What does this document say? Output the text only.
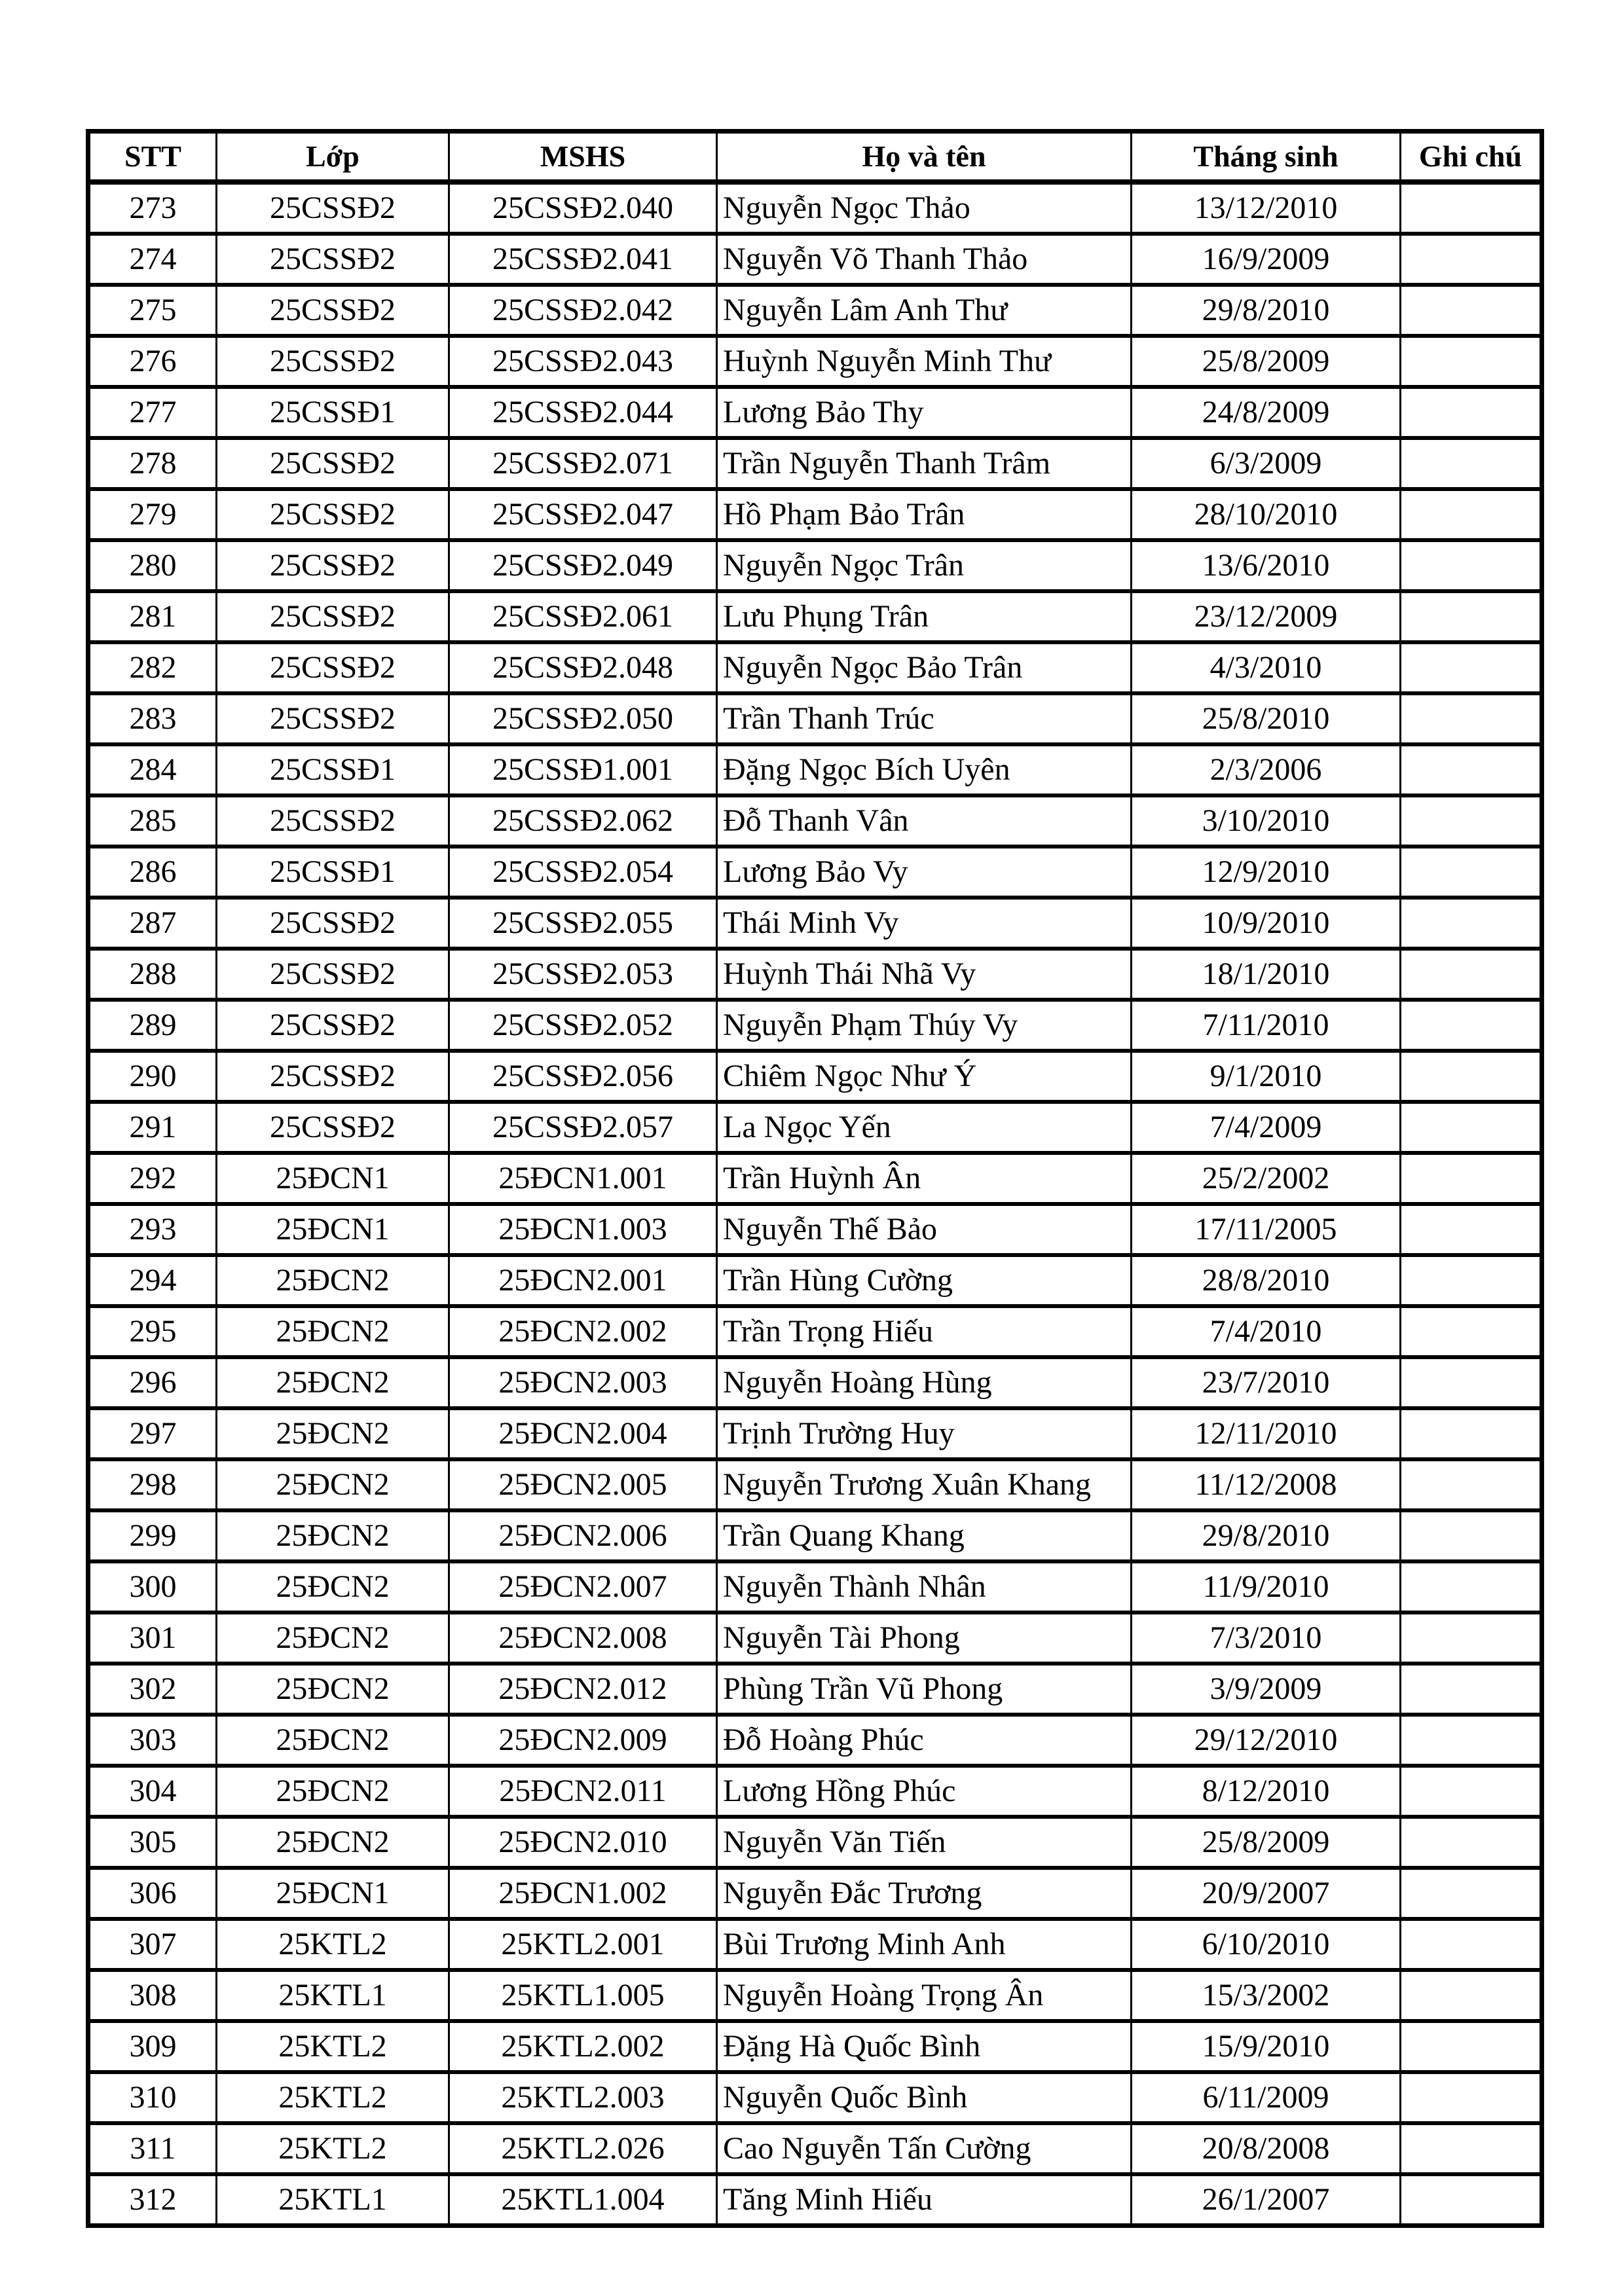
STT	Lớp	MSHS	Họ và tên	Tháng sinh	Ghi chú
273	25CSSĐ2	25CSSĐ2.040	Nguyễn Ngọc Thảo	13/12/2010	
274	25CSSĐ2	25CSSĐ2.041	Nguyễn Võ Thanh Thảo	16/9/2009	
275	25CSSĐ2	25CSSĐ2.042	Nguyễn Lâm Anh Thư	29/8/2010	
276	25CSSĐ2	25CSSĐ2.043	Huỳnh Nguyễn Minh Thư	25/8/2009	
277	25CSSĐ1	25CSSĐ2.044	Lương Bảo Thy	24/8/2009	
278	25CSSĐ2	25CSSĐ2.071	Trần Nguyễn Thanh Trâm	6/3/2009	
279	25CSSĐ2	25CSSĐ2.047	Hồ Phạm Bảo Trân	28/10/2010	
280	25CSSĐ2	25CSSĐ2.049	Nguyễn Ngọc Trân	13/6/2010	
281	25CSSĐ2	25CSSĐ2.061	Lưu Phụng Trân	23/12/2009	
282	25CSSĐ2	25CSSĐ2.048	Nguyễn Ngọc Bảo Trân	4/3/2010	
283	25CSSĐ2	25CSSĐ2.050	Trần Thanh Trúc	25/8/2010	
284	25CSSĐ1	25CSSĐ1.001	Đặng Ngọc Bích Uyên	2/3/2006	
285	25CSSĐ2	25CSSĐ2.062	Đỗ Thanh Vân	3/10/2010	
286	25CSSĐ1	25CSSĐ2.054	Lương Bảo Vy	12/9/2010	
287	25CSSĐ2	25CSSĐ2.055	Thái Minh Vy	10/9/2010	
288	25CSSĐ2	25CSSĐ2.053	Huỳnh Thái Nhã Vy	18/1/2010	
289	25CSSĐ2	25CSSĐ2.052	Nguyễn Phạm Thúy Vy	7/11/2010	
290	25CSSĐ2	25CSSĐ2.056	Chiêm Ngọc Như Ý	9/1/2010	
291	25CSSĐ2	25CSSĐ2.057	La Ngọc Yến	7/4/2009	
292	25ĐCN1	25ĐCN1.001	Trần Huỳnh Ân	25/2/2002	
293	25ĐCN1	25ĐCN1.003	Nguyễn Thế Bảo	17/11/2005	
294	25ĐCN2	25ĐCN2.001	Trần Hùng Cường	28/8/2010	
295	25ĐCN2	25ĐCN2.002	Trần Trọng Hiếu	7/4/2010	
296	25ĐCN2	25ĐCN2.003	Nguyễn Hoàng Hùng	23/7/2010	
297	25ĐCN2	25ĐCN2.004	Trịnh Trường Huy	12/11/2010	
298	25ĐCN2	25ĐCN2.005	Nguyễn Trương Xuân Khang	11/12/2008	
299	25ĐCN2	25ĐCN2.006	Trần Quang Khang	29/8/2010	
300	25ĐCN2	25ĐCN2.007	Nguyễn Thành Nhân	11/9/2010	
301	25ĐCN2	25ĐCN2.008	Nguyễn Tài Phong	7/3/2010	
302	25ĐCN2	25ĐCN2.012	Phùng Trần Vũ Phong	3/9/2009	
303	25ĐCN2	25ĐCN2.009	Đỗ Hoàng Phúc	29/12/2010	
304	25ĐCN2	25ĐCN2.011	Lương Hồng Phúc	8/12/2010	
305	25ĐCN2	25ĐCN2.010	Nguyễn Văn Tiến	25/8/2009	
306	25ĐCN1	25ĐCN1.002	Nguyễn Đắc Trương	20/9/2007	
307	25KTL2	25KTL2.001	Bùi Trương Minh Anh	6/10/2010	
308	25KTL1	25KTL1.005	Nguyễn Hoàng Trọng Ân	15/3/2002	
309	25KTL2	25KTL2.002	Đặng Hà Quốc Bình	15/9/2010	
310	25KTL2	25KTL2.003	Nguyễn Quốc Bình	6/11/2009	
311	25KTL2	25KTL2.026	Cao Nguyễn Tấn Cường	20/8/2008	
312	25KTL1	25KTL1.004	Tăng Minh Hiếu	26/1/2007	
